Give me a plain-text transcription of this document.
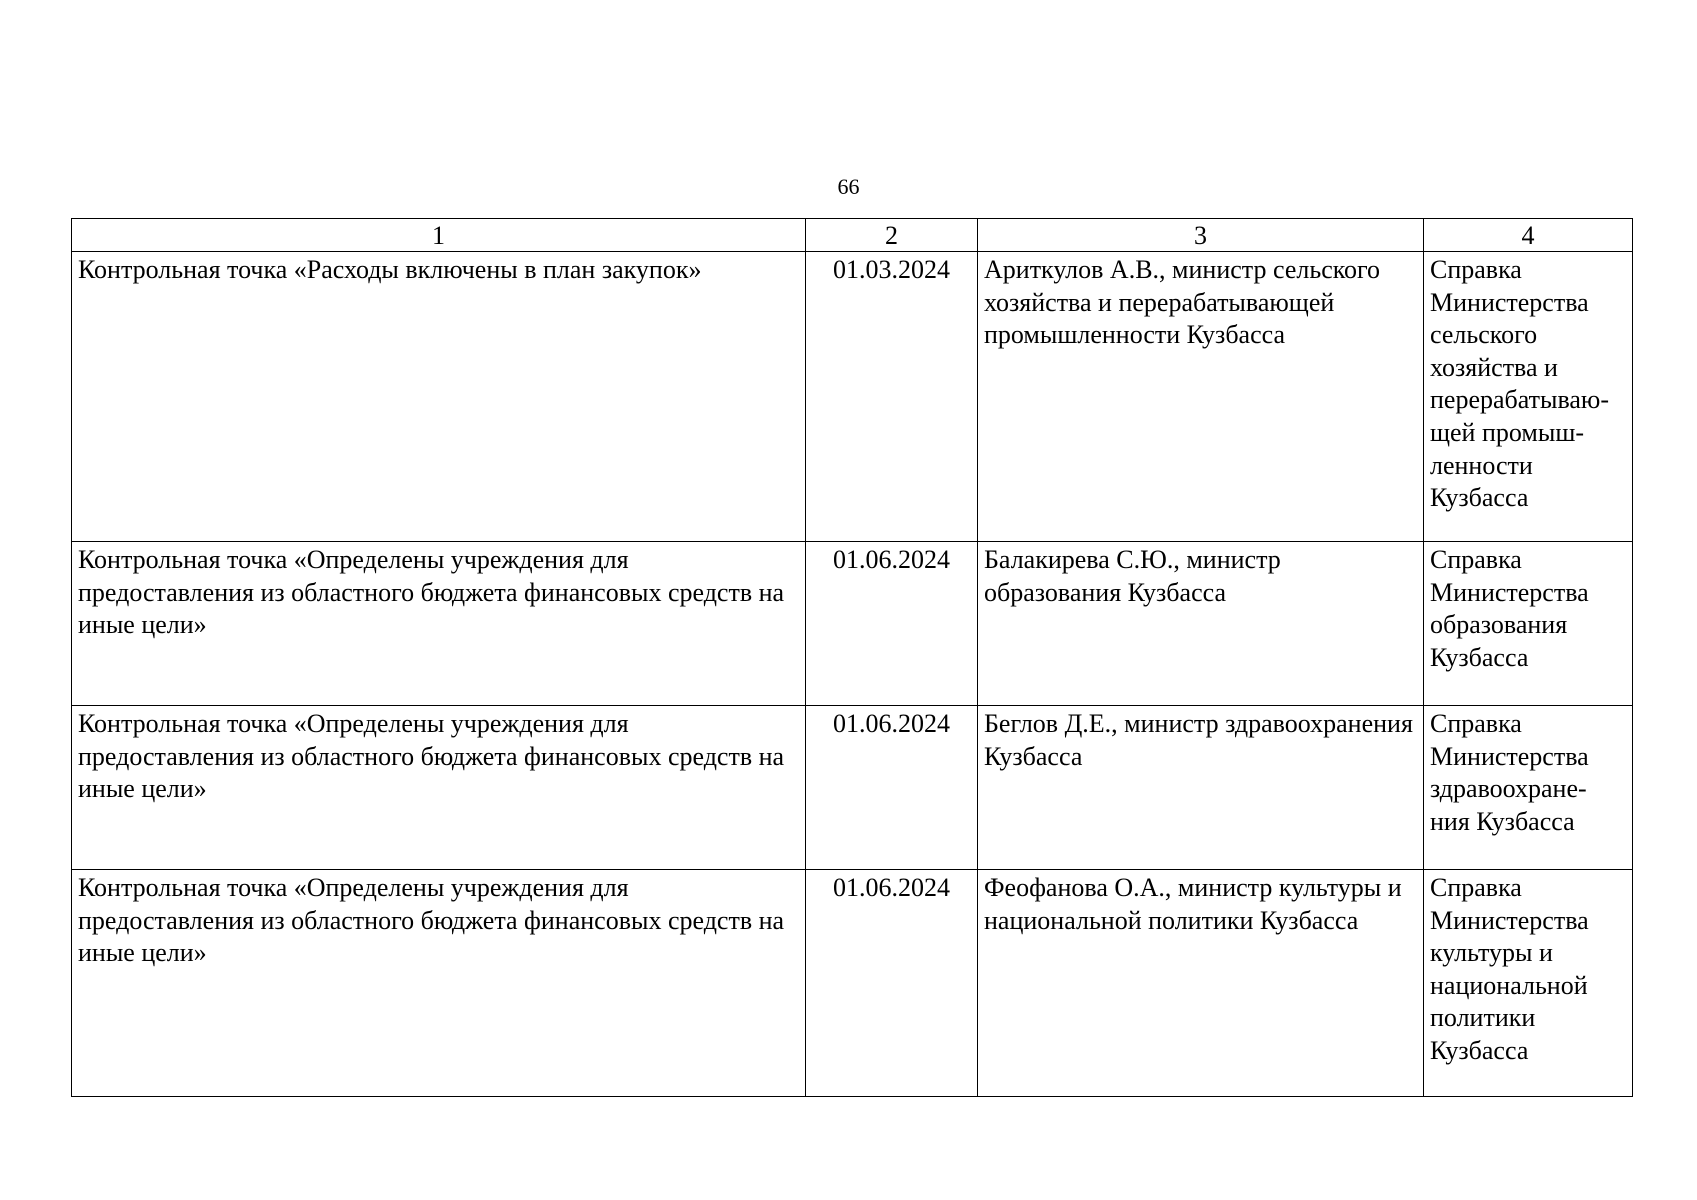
66
1	2	3	4
Контрольная точка «Расходы включены в план закупок»	01.03.2024	Ариткулов А.В., министр сельского хозяйства и перерабатывающей промышленности Кузбасса	Справка Министерства сельского хозяйства и перерабатываю-
щей промыш-
ленности Кузбасса
Контрольная точка «Определены учреждения для предоставления из областного бюджета финансовых средств на иные цели»	01.06.2024	Балакирева С.Ю., министр образования Кузбасса	Справка Министерства образования Кузбасса
Контрольная точка «Определены учреждения для предоставления из областного бюджета финансовых средств на иные цели»	01.06.2024	Беглов Д.Е., министр здравоохранения Кузбасса	Справка Министерства здравоохране-
ния Кузбасса
Контрольная точка «Определены учреждения для предоставления из областного бюджета финансовых средств на иные цели»	01.06.2024	Феофанова О.А., министр культуры и национальной политики Кузбасса	Справка Министерства культуры и национальной политики Кузбасса
